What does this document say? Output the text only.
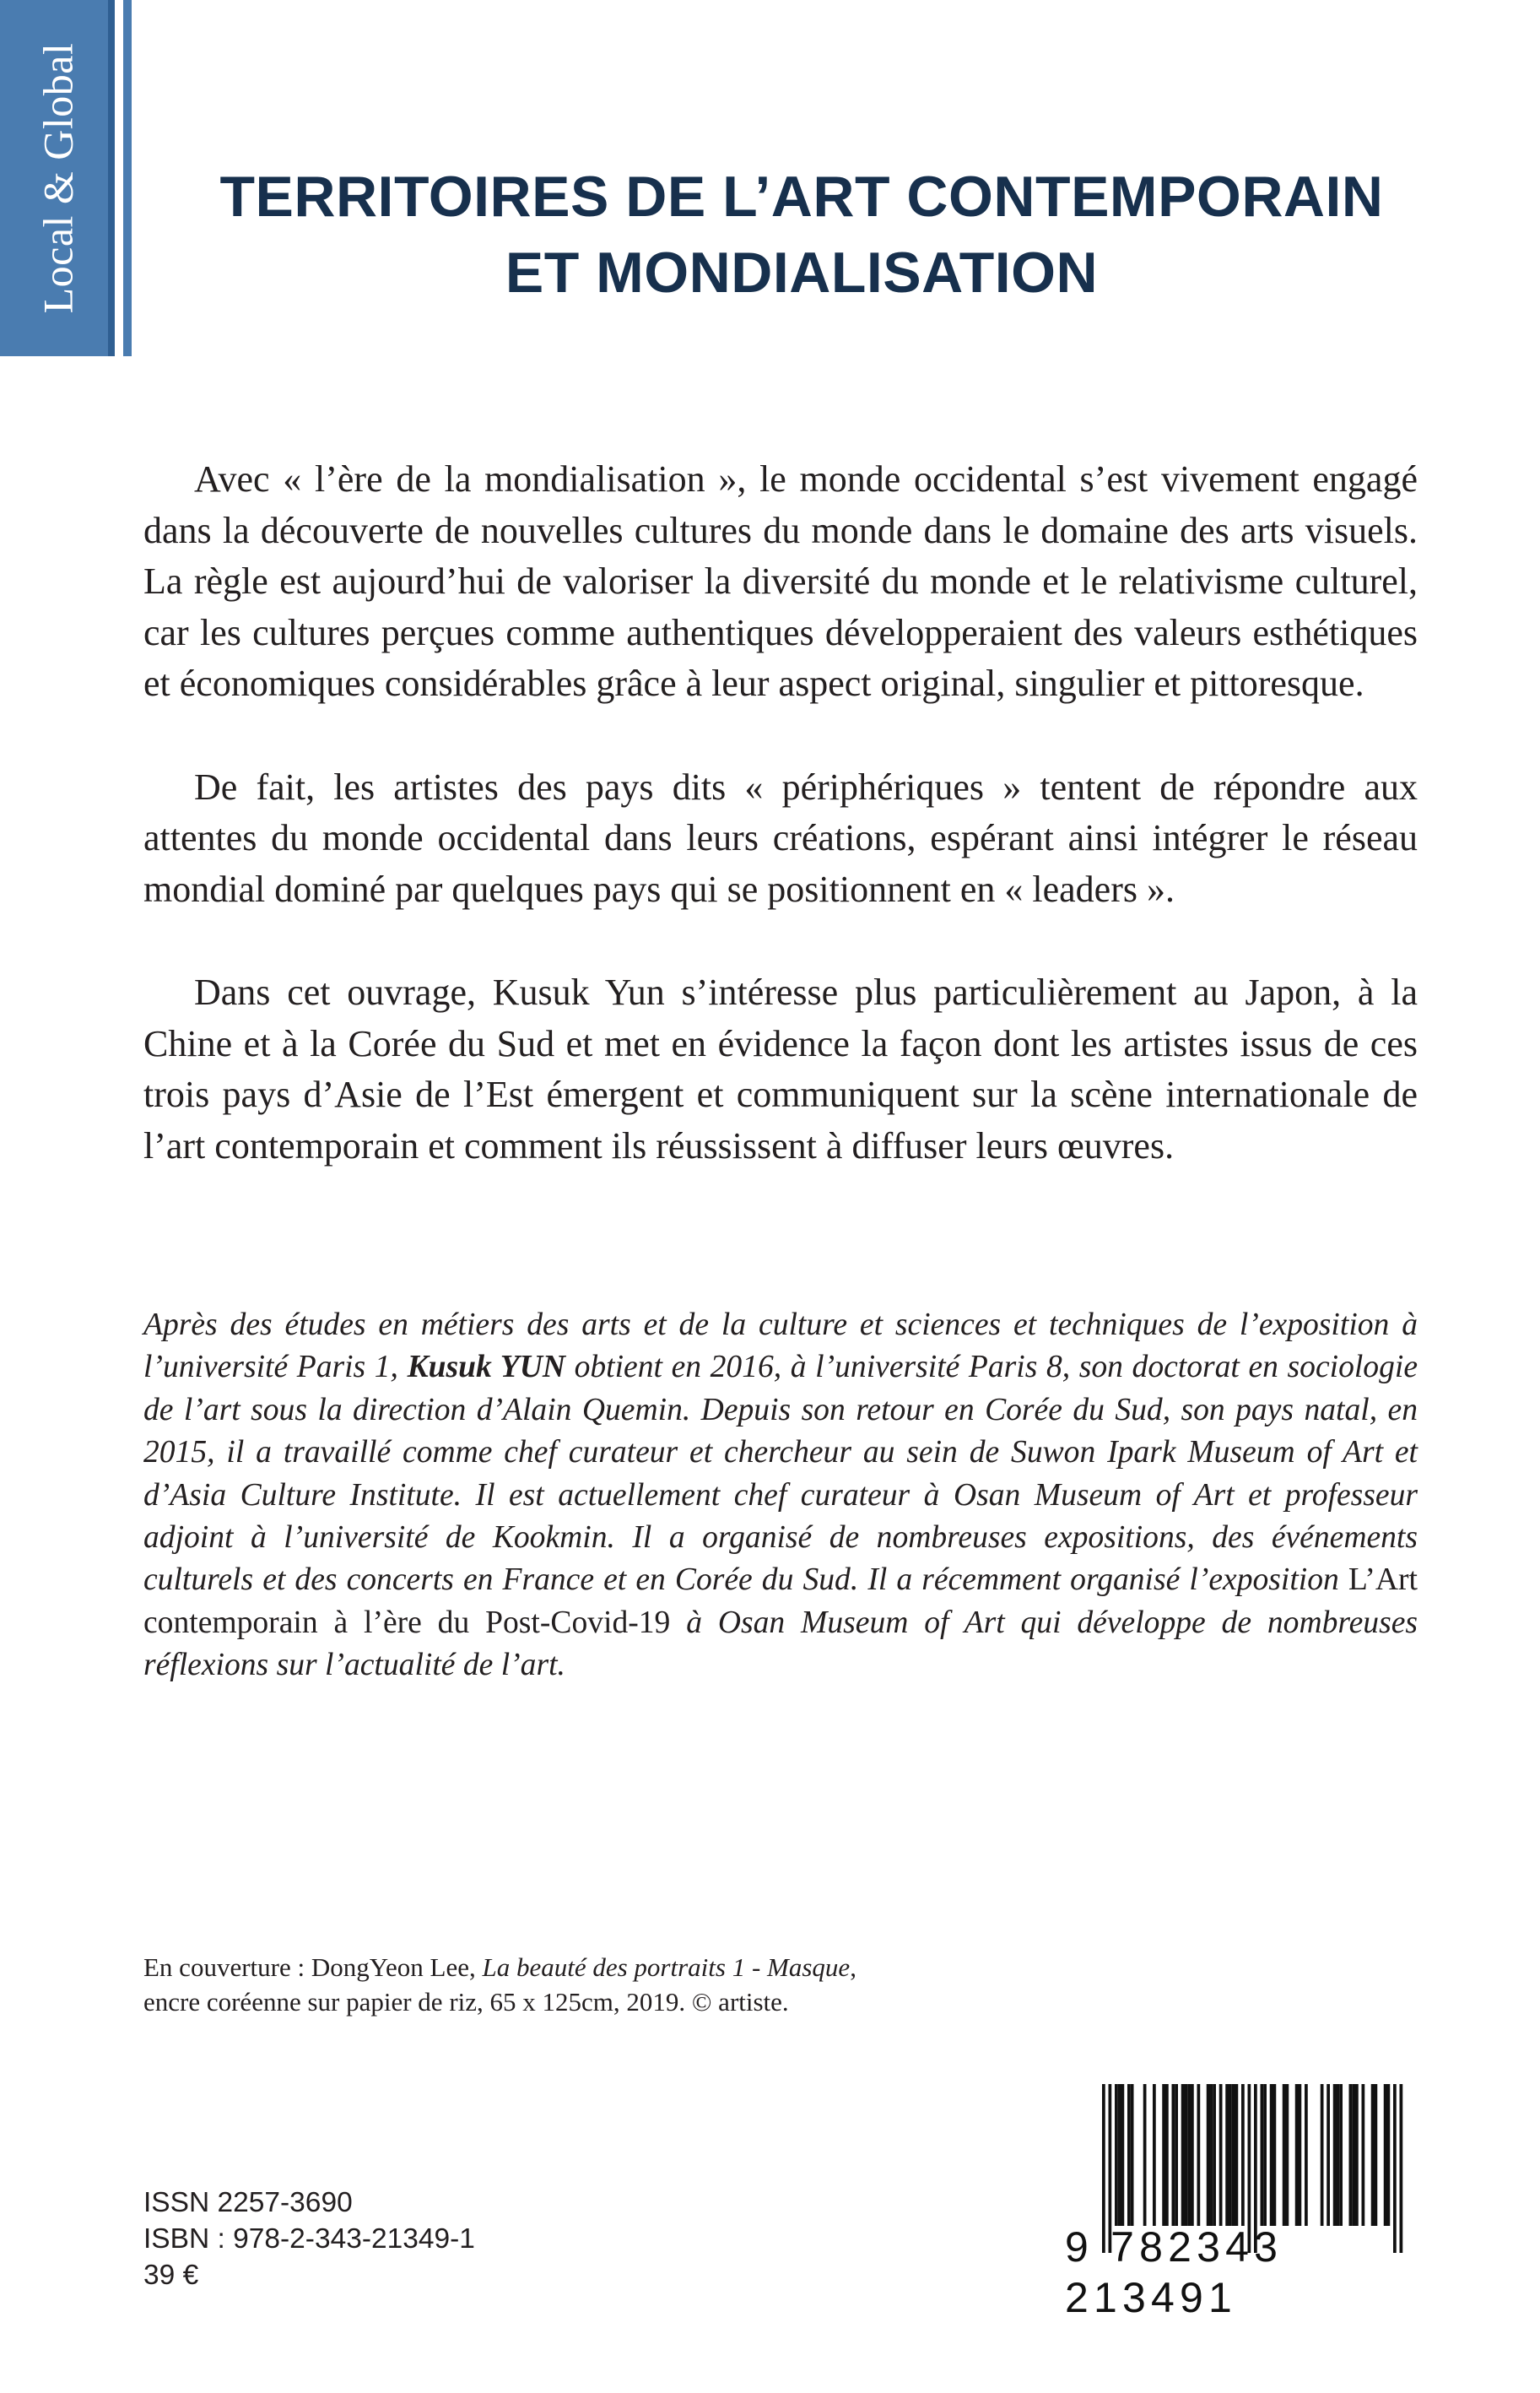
Local & Global	TERRITOIRES DE L’ART CONTEMPORAIN
ET MONDIALISATION

Avec « l’ère de la mondialisation », le monde occidental s’est vivement engagé dans la découverte de nouvelles cultures du monde dans le domaine des arts visuels. La règle est aujourd’hui de valoriser la diversité du monde et le relativisme culturel, car les cultures perçues comme authentiques développeraient des valeurs esthétiques et économiques considérables grâce à leur aspect original, singulier et pittoresque.

De fait, les artistes des pays dits « périphériques » tentent de répondre aux attentes du monde occidental dans leurs créations, espérant ainsi intégrer le réseau mondial dominé par quelques pays qui se positionnent en « leaders ».

Dans cet ouvrage, Kusuk Yun s’intéresse plus particulièrement au Japon, à la Chine et à la Corée du Sud et met en évidence la façon dont les artistes issus de ces trois pays d’Asie de l’Est émergent et communiquent sur la scène internationale de l’art contemporain et comment ils réussissent à diffuser leurs œuvres.

Après des études en métiers des arts et de la culture et sciences et techniques de l’exposition à l’université Paris 1, Kusuk YUN obtient en 2016, à l’université Paris 8, son doctorat en sociologie de l’art sous la direction d’Alain Quemin. Depuis son retour en Corée du Sud, son pays natal, en 2015, il a travaillé comme chef curateur et chercheur au sein de Suwon Ipark Museum of Art et d’Asia Culture Institute. Il est actuellement chef curateur à Osan Museum of Art et professeur adjoint à l’université de Kookmin. Il a organisé de nombreuses expositions, des événements culturels et des concerts en France et en Corée du Sud. Il a récemment organisé l’exposition L’Art contemporain à l’ère du Post-Covid-19 à Osan Museum of Art qui développe de nombreuses réflexions sur l’actualité de l’art.

En couverture : DongYeon Lee, La beauté des portraits 1 - Masque,
encre coréenne sur papier de riz, 65 x 125cm, 2019. © artiste.
ISSN 2257-3690
ISBN : 978-2-343-21349-1
39 €
9 782343 213491
